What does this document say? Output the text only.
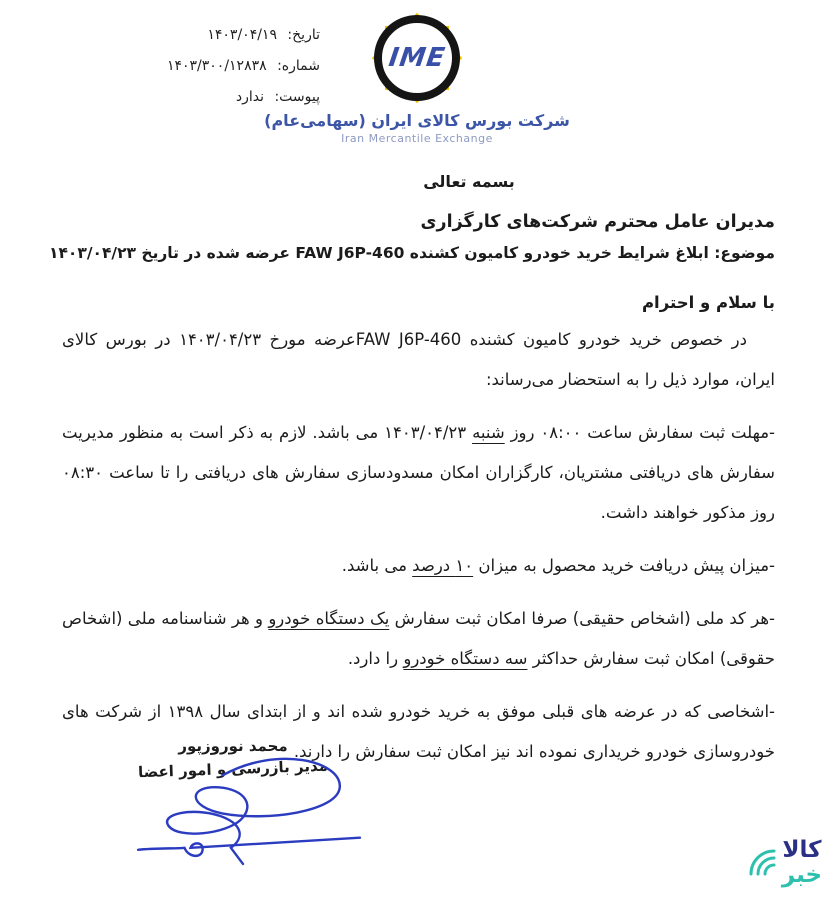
تاریخ: ۱۴۰۳/۰۴/۱۹
شماره: ۱۴۰۳/۳۰۰/۱۲۸۳۸
پیوست: ندارد
IME
شرکت بورس کالای ایران (سهامی‌عام)
Iran Mercantile Exchange
بسمه تعالی
مدیران عامل محترم شرکت‌های کارگزاری
موضوع: ابلاغ شرایط خرید خودرو کامیون کشنده FAW J6P-460 عرضه شده در تاریخ ۱۴۰۳/۰۴/۲۳
با سلام و احترام

در خصوص خرید خودرو کامیون کشنده FAW J6P-460عرضه مورخ ۱۴۰۳/۰۴/۲۳ در بورس کالای ایران، موارد ذیل را به استحضار می‌رساند:

-مهلت ثبت سفارش ساعت ۰۸:۰۰ روز شنبه ۱۴۰۳/۰۴/۲۳ می باشد. لازم به ذکر است به منظور مدیریت سفارش های دریافتی مشتریان، کارگزاران امکان مسدودسازی سفارش های دریافتی را تا ساعت ۰۸:۳۰ روز مذکور خواهند داشت.

-میزان پیش دریافت خرید محصول به میزان ۱۰ درصد می باشد.

-هر کد ملی (اشخاص حقیقی) صرفا امکان ثبت سفارش یک دستگاه خودرو و هر شناسنامه ملی (اشخاص حقوقی) امکان ثبت سفارش حداکثر سه دستگاه خودرو را دارد.

-اشخاصی که در عرضه های قبلی موفق به خرید خودرو شده اند و از ابتدای سال ۱۳۹۸ از شرکت های خودروسازی خودرو خریداری نموده اند نیز امکان ثبت سفارش را دارند.

محمد نوروزپور
مدیر بازرسی و امور اعضا
کالا
خبر
